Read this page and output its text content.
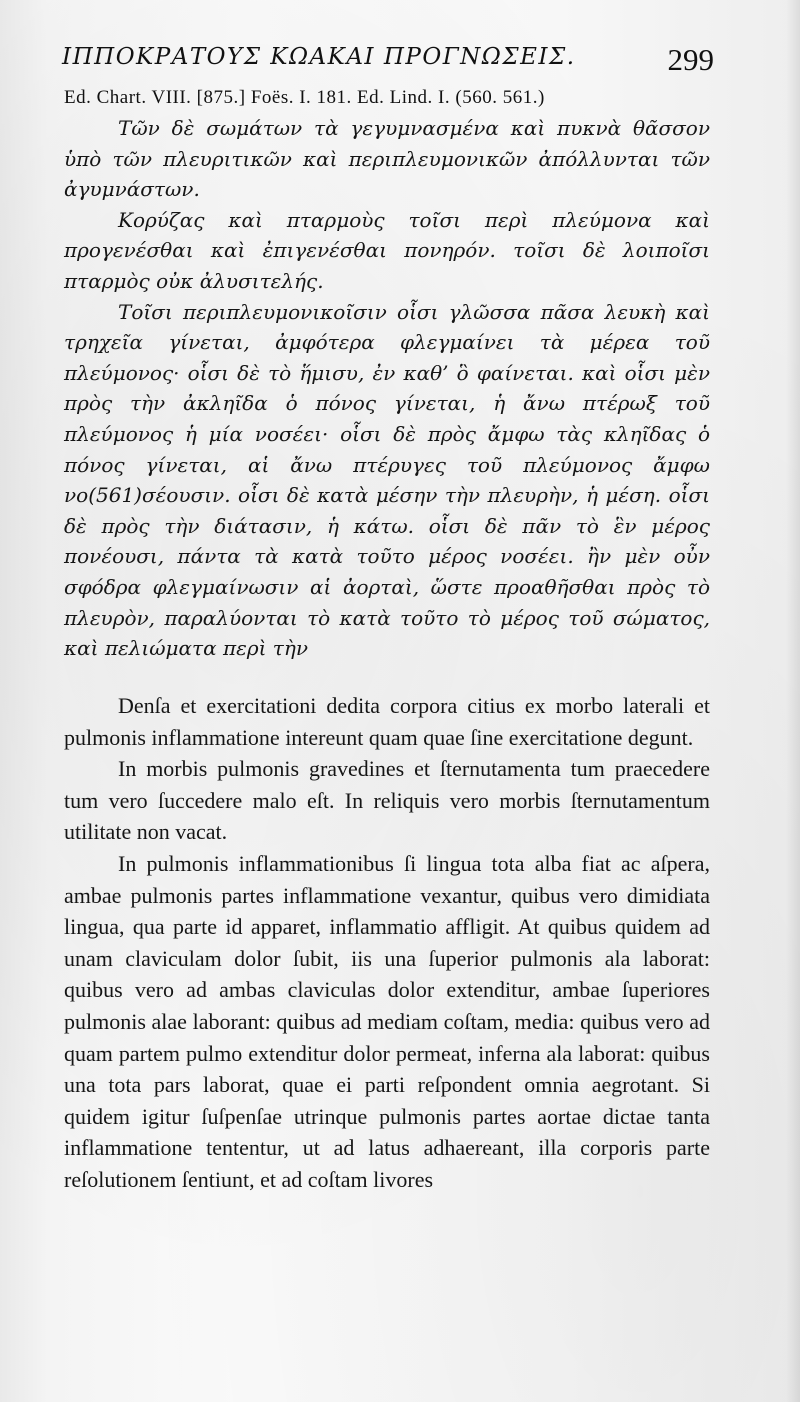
ΙΠΠΟΚΡΑΤΟΥΣ ΚΩΑΚΑΙ ΠΡΟΓΝΩΣΕΙΣ.	299
Ed. Chart. VIII. [875.] Foës. I. 181. Ed. Lind. I. (560. 561.)

Τῶν δὲ σωμάτων τὰ γεγυμνασμένα καὶ πυκνὰ θᾶσσον ὑπὸ τῶν πλευριτικῶν καὶ περιπλευμονικῶν ἀπόλλυνται τῶν ἀγυμνάστων.

Κορύζας καὶ πταρμοὺς τοῖσι περὶ πλεύμονα καὶ προγενέσθαι καὶ ἐπιγενέσθαι πονηρόν. τοῖσι δὲ λοιποῖσι πταρμὸς οὐκ ἀλυσιτελής.

Τοῖσι περιπλευμονικοῖσιν οἷσι γλῶσσα πᾶσα λευκὴ καὶ τρηχεῖα γίνεται, ἀμφότερα φλεγμαίνει τὰ μέρεα τοῦ πλεύμονος· οἷσι δὲ τὸ ἥμισυ, ἐν καθ’ ὃ φαίνεται. καὶ οἷσι μὲν πρὸς τὴν ἀκληῖδα ὁ πόνος γίνεται, ἡ ἄνω πτέρωξ τοῦ πλεύμονος ἡ μία νοσέει· οἷσι δὲ πρὸς ἄμφω τὰς κληῖδας ὁ πόνος γίνεται, αἱ ἄνω πτέρυγες τοῦ πλεύμονος ἄμφω νο(561)σέουσιν. οἷσι δὲ κατὰ μέσην τὴν πλευρὴν, ἡ μέση. οἷσι δὲ πρὸς τὴν διάτασιν, ἡ κάτω. οἷσι δὲ πᾶν τὸ ἓν μέρος πονέουσι, πάντα τὰ κατὰ τοῦτο μέρος νοσέει. ἢν μὲν οὖν σφόδρα φλεγμαίνωσιν αἱ ἀορταὶ, ὥστε προαθῆσθαι πρὸς τὸ πλευρὸν, παραλύονται τὸ κατὰ τοῦτο τὸ μέρος τοῦ σώματος, καὶ πελιώματα περὶ τὴν

Denſa et exercitationi dedita corpora citius ex morbo laterali et pulmonis inflammatione intereunt quam quae ſine exercitatione degunt.

In morbis pulmonis gravedines et ſternutamenta tum praecedere tum vero ſuccedere malo eſt. In reliquis vero morbis ſternutamentum utilitate non vacat.

In pulmonis inflammationibus ſi lingua tota alba fiat ac aſpera, ambae pulmonis partes inflammatione vexantur, quibus vero dimidiata lingua, qua parte id apparet, inflammatio affligit. At quibus quidem ad unam claviculam dolor ſubit, iis una ſuperior pulmonis ala laborat: quibus vero ad ambas claviculas dolor extenditur, ambae ſuperiores pulmonis alae laborant: quibus ad mediam coſtam, media: quibus vero ad quam partem pulmo extenditur dolor permeat, inferna ala laborat: quibus una tota pars laborat, quae ei parti reſpondent omnia aegrotant. Si quidem igitur ſuſpenſae utrinque pulmonis partes aortae dictae tanta inflammatione tententur, ut ad latus adhaereant, illa corporis parte reſolutionem ſentiunt, et ad coſtam livores
